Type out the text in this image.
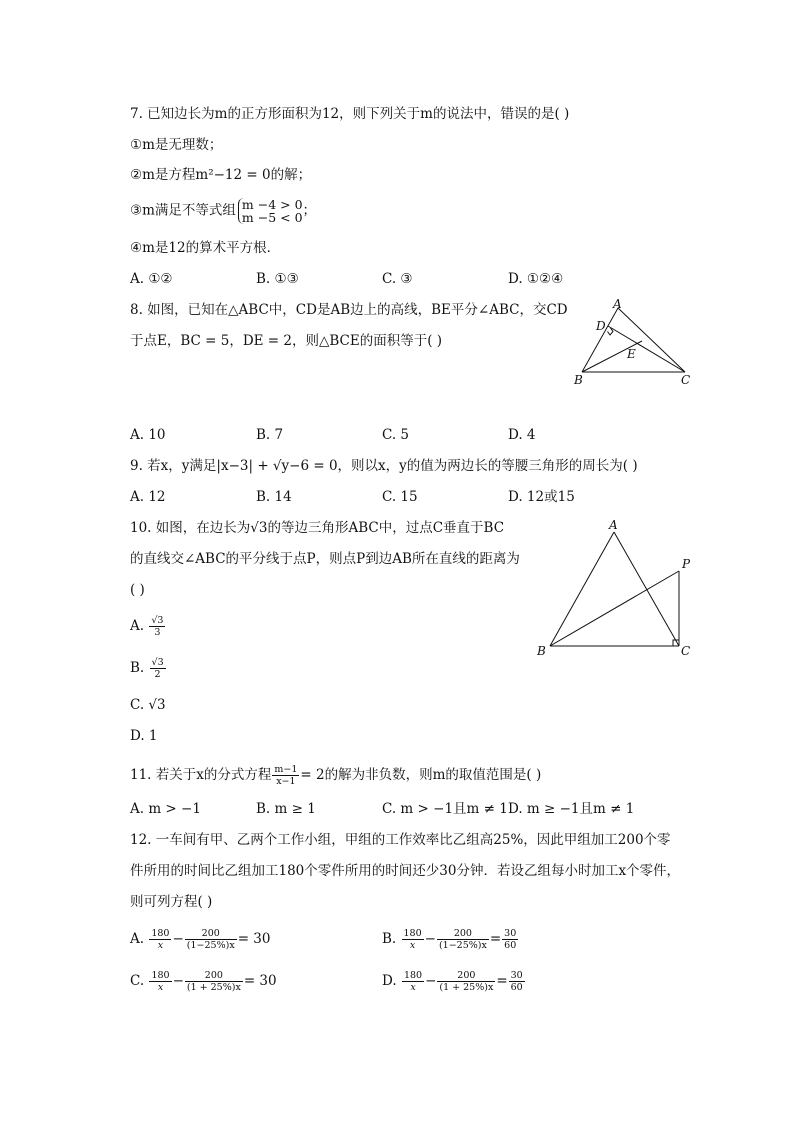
7. 已知边长为m的正方形面积为12，则下列关于m的说法中，错误的是( )
①m是无理数；
②m是方程m²−12 = 0的解；
③m满足不等式组 m −4 > 0
m −5 < 0 ；
④m是12的算术平方根．
A. ①②	B. ①③	C. ③	D. ①②④
8. 如图，已知在△ABC中，CD是AB边上的高线，BE平分∠ABC，交CD
于点E，BC = 5，DE = 2，则△BCE的面积等于( )
A
D
E
B	C
A. 10	B. 7	C. 5	D. 4
9. 若x，y满足|x−3| + √y−6 = 0，则以x，y的值为两边长的等腰三角形的周长为( )
A. 12	B. 14	C. 15	D. 12或15
10. 如图，在边长为√3的等边三角形ABC中，过点C垂直于BC
的直线交∠ABC的平分线于点P，则点P到边AB所在直线的距离为
( )
A. $\frac{√3}{3}$
B. $\frac{√3}{2}$
C. √3
D. 1
A
P
B	C
11. 若关于x的分式方程 $\frac{m-1}{x-1} = 2$的解为非负数，则m的取值范围是( )
A. m > −1	B. m ≥ 1	C. m > −1且m ≠ 1 D. m ≥ −1且m ≠ 1
12. 一车间有甲、乙两个工作小组，甲组的工作效率比乙组高25%，因此甲组加工200个零
件所用的时间比乙组加工180个零件所用的时间还少30分钟．若设乙组每小时加工x个零件，
则可列方程( )
A. $\frac{180}{x} - \frac{200}{(1-25\%)x} = 30$	B. $\frac{180}{x} - \frac{200}{(1-25\%)x} = \frac{30}{60}$
C. $\frac{180}{x} - \frac{200}{(1 + 25\%)x} = 30$	D. $\frac{180}{x} - \frac{200}{(1 + 25\%)x} = \frac{30}{60}$
